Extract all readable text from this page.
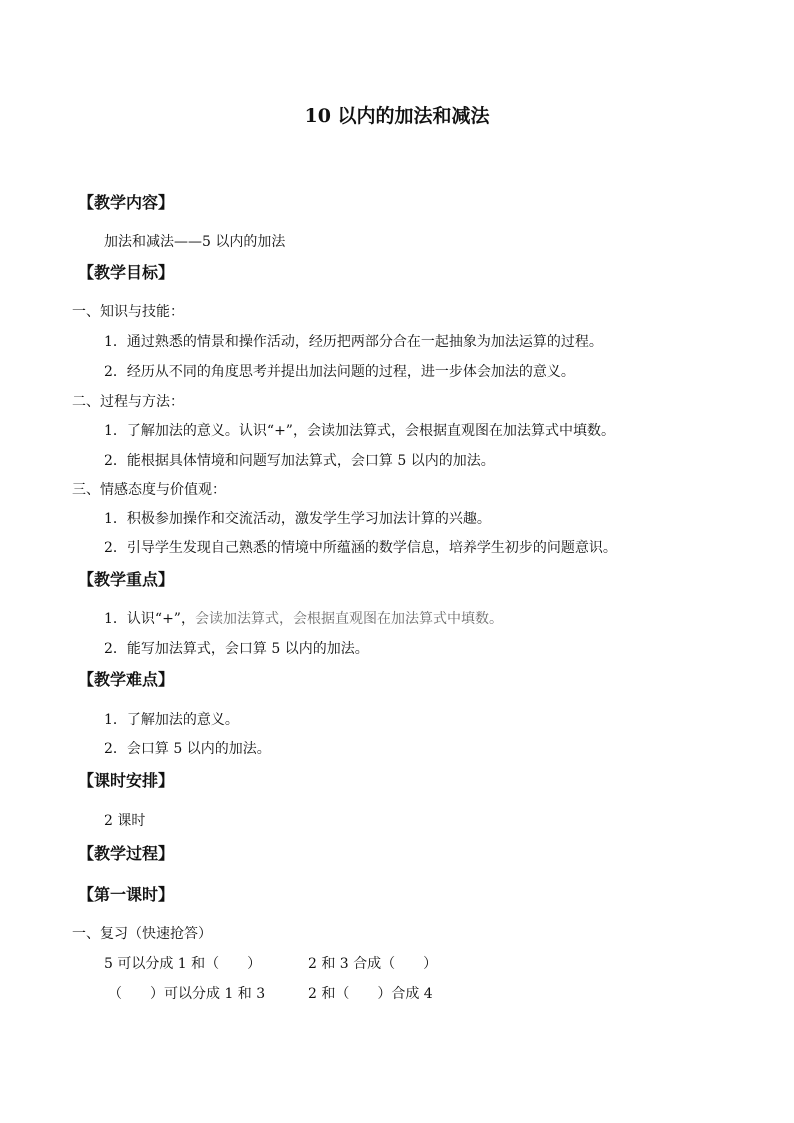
10 以内的加法和减法
【教学内容】
加法和减法——5 以内的加法
【教学目标】
一、知识与技能：
1．通过熟悉的情景和操作活动，经历把两部分合在一起抽象为加法运算的过程。
2．经历从不同的角度思考并提出加法问题的过程，进一步体会加法的意义。
二、过程与方法：
1．了解加法的意义。认识“+”，会读加法算式，会根据直观图在加法算式中填数。
2．能根据具体情境和问题写加法算式，会口算 5 以内的加法。
三、情感态度与价值观：
1．积极参加操作和交流活动，激发学生学习加法计算的兴趣。
2．引导学生发现自己熟悉的情境中所蕴涵的数学信息，培养学生初步的问题意识。
【教学重点】
1．认识“+”，会读加法算式，会根据直观图在加法算式中填数。
2．能写加法算式，会口算 5 以内的加法。
【教学难点】
1．了解加法的意义。
2．会口算 5 以内的加法。
【课时安排】
2 课时
【教学过程】
【第一课时】
一、复习（快速抢答）
5 可以分成 1 和（　　）	2 和 3 合成（　　）
（　　）可以分成 1 和 3	2 和（　　）合成 4
